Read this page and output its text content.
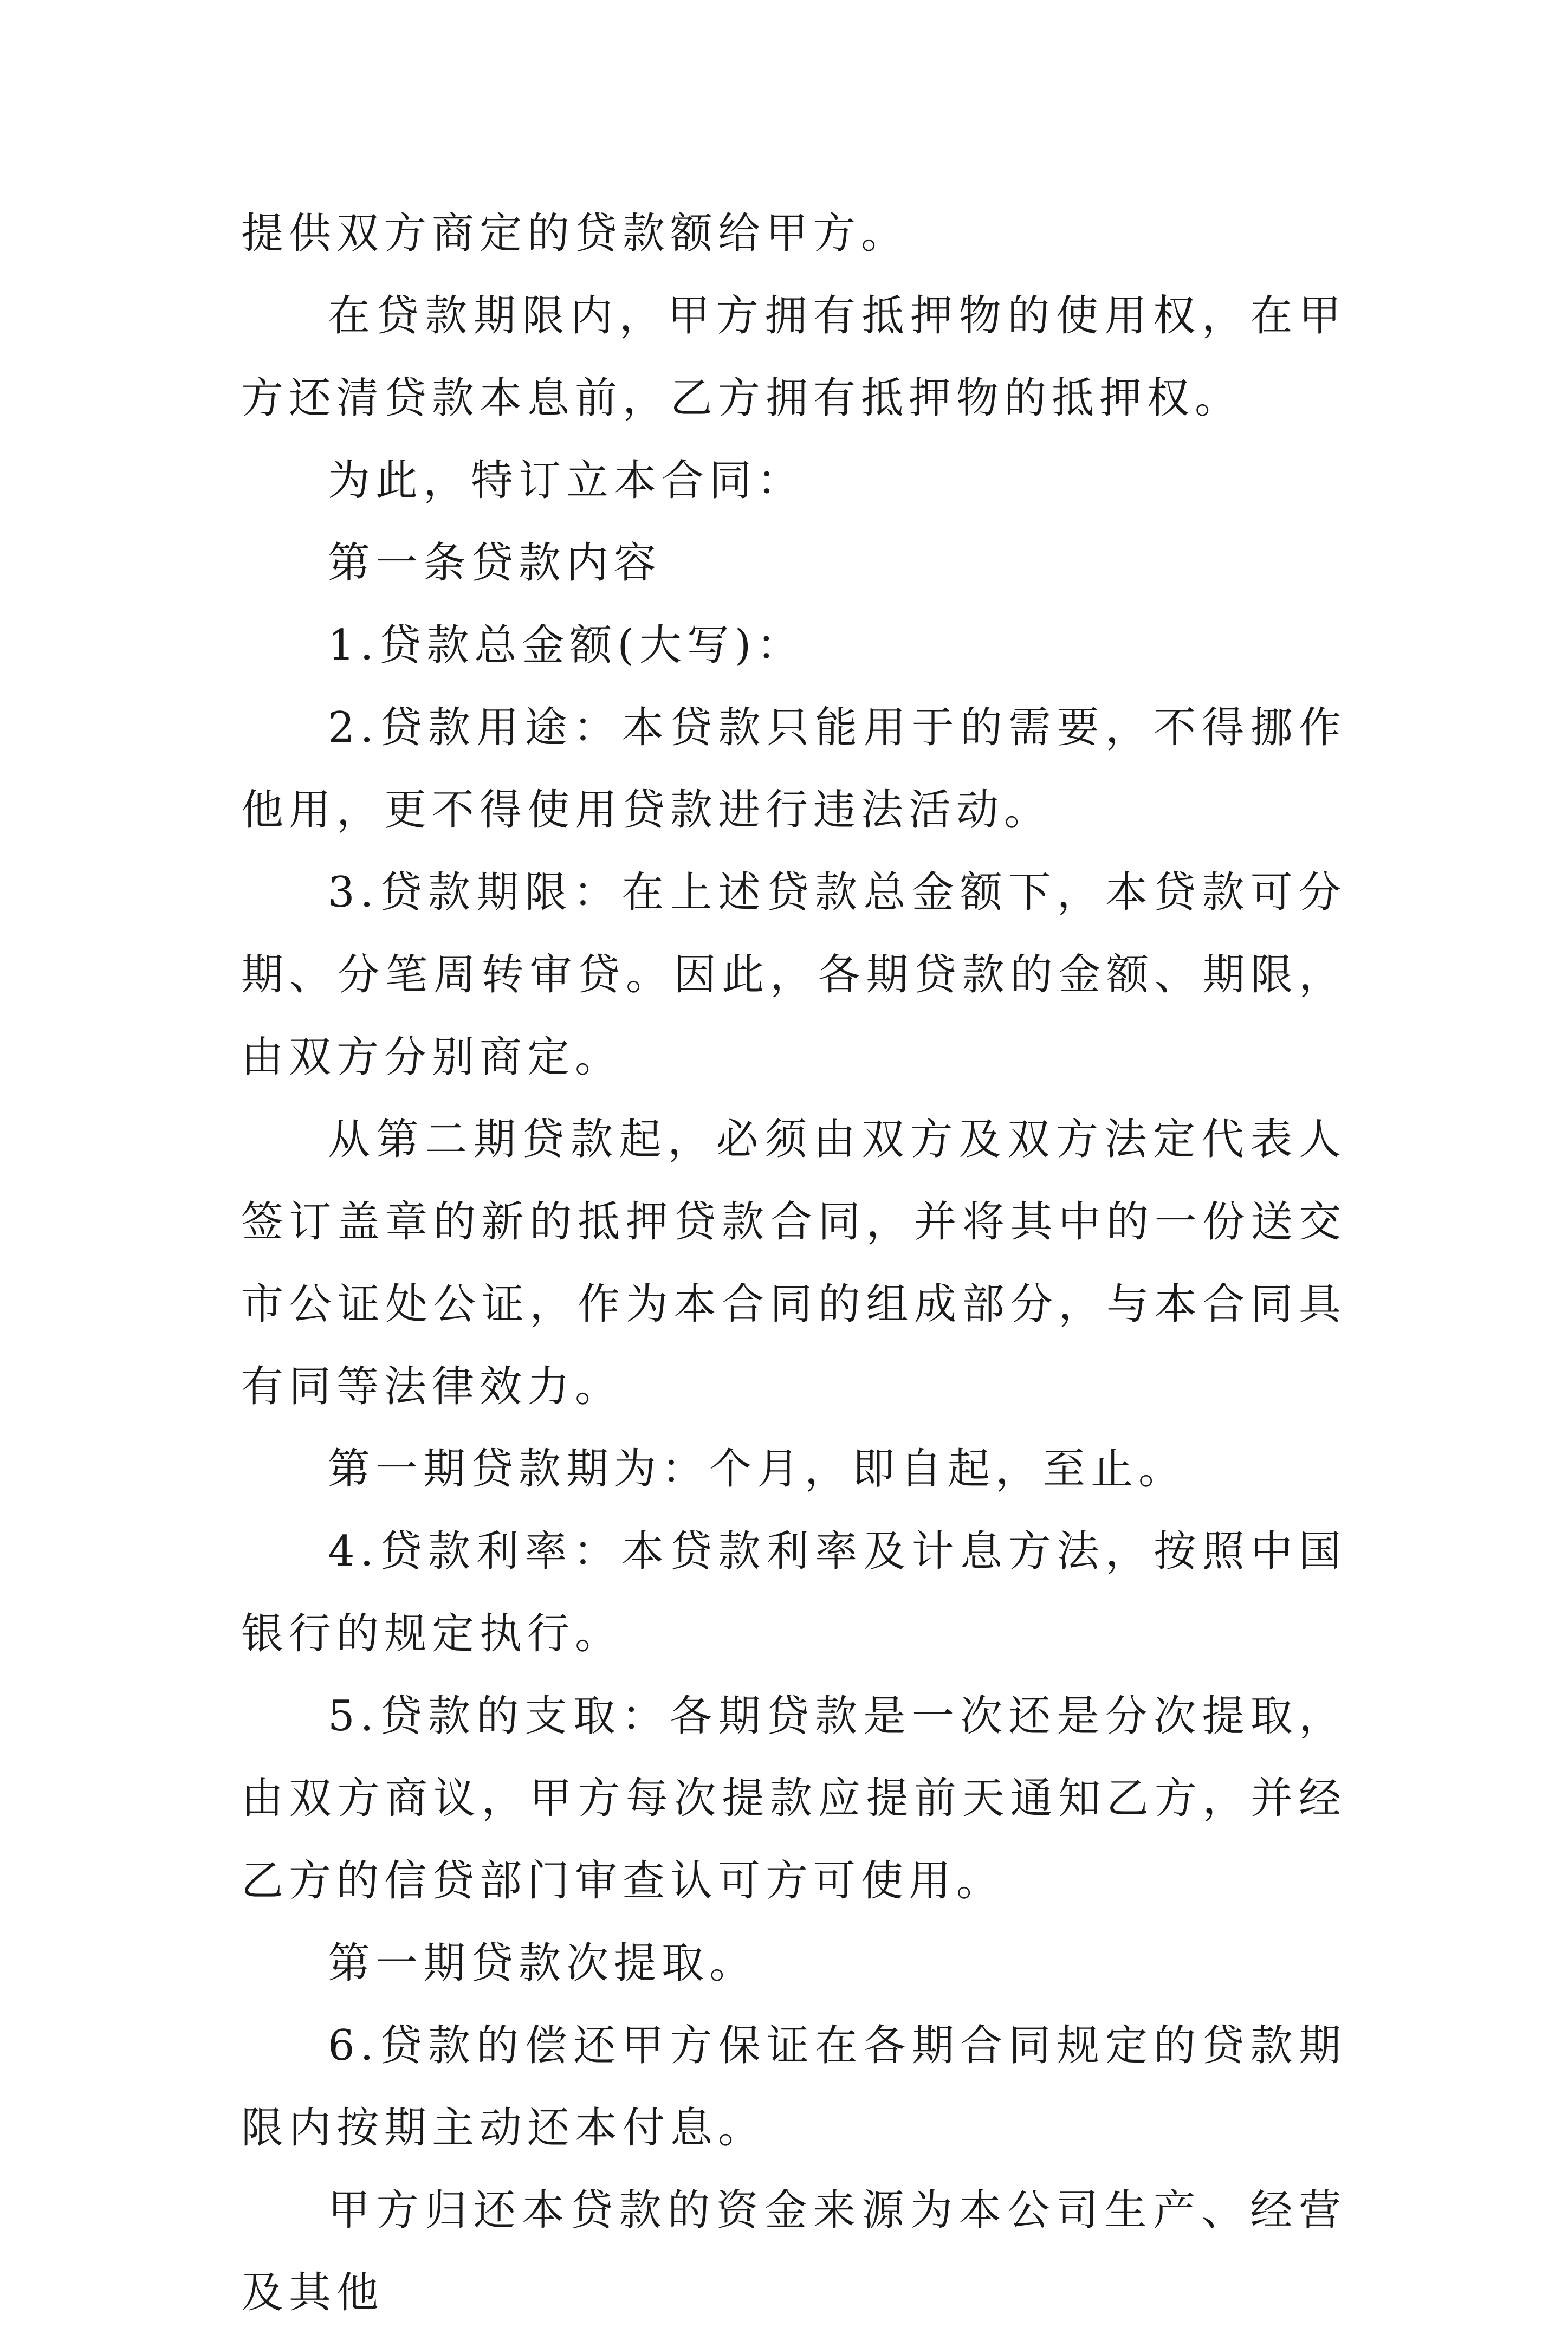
提供双方商定的贷款额给甲方。

在贷款期限内，甲方拥有抵押物的使用权，在甲方还清贷款本息前，乙方拥有抵押物的抵押权。

为此，特订立本合同：

第一条贷款内容

1.贷款总金额(大写)：

2.贷款用途：本贷款只能用于的需要，不得挪作他用，更不得使用贷款进行违法活动。

3.贷款期限：在上述贷款总金额下，本贷款可分期、分笔周转审贷。因此，各期贷款的金额、期限，由双方分别商定。

从第二期贷款起，必须由双方及双方法定代表人签订盖章的新的抵押贷款合同，并将其中的一份送交 市公证处公证，作为本合同的组成部分，与本合同具有同等法律效力。

第一期贷款期为：个月，即自起，至止。

4.贷款利率：本贷款利率及计息方法，按照中国银行的规定执行。

5.贷款的支取：各期贷款是一次还是分次提取，由双方商议，甲方每次提款应提前天通知乙方，并经乙方的信贷部门审查认可方可使用。

第一期贷款次提取。

6.贷款的偿还甲方保证在各期合同规定的贷款期限内按期主动还本付息。

甲方归还本贷款的资金来源为本公司生产、经营及其他
